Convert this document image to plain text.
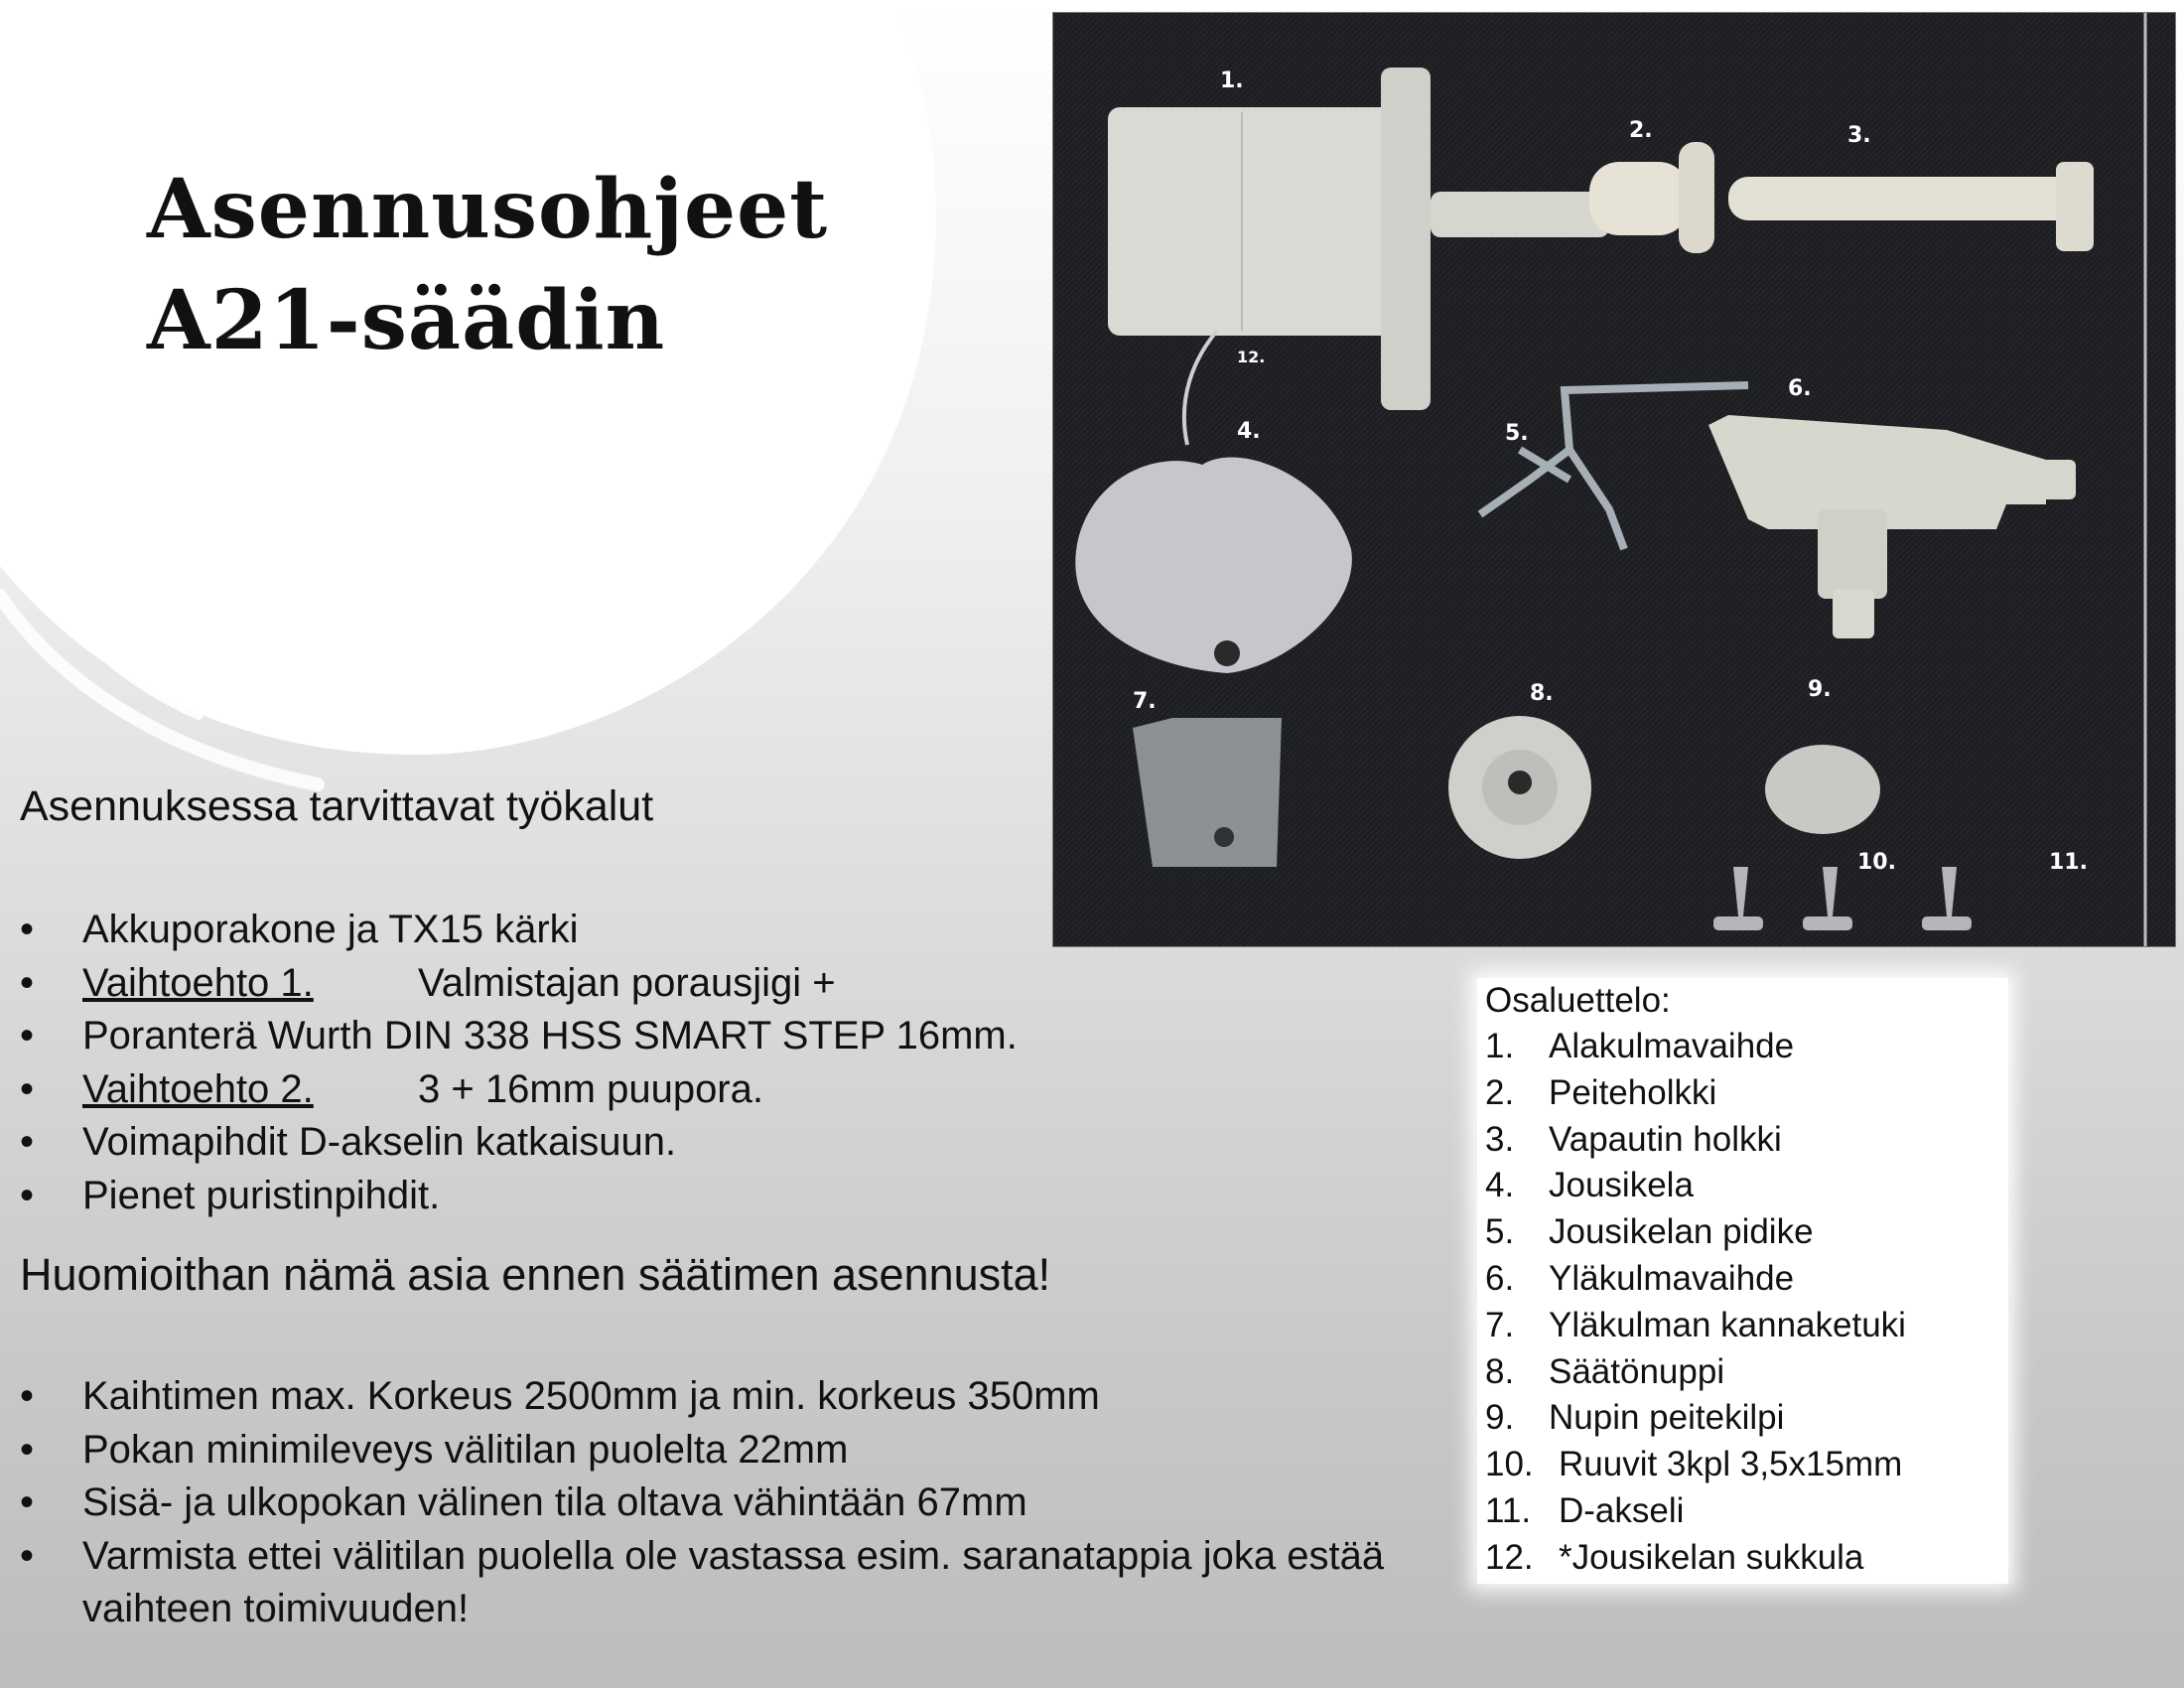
Asennusohjeet
A21-säädin
Asennuksessa tarvittavat työkalut
• Akkuporakone ja TX15 kärki
• Vaihtoehto 1.	Valmistajan porausjigi +
• Poranterä Wurth DIN 338 HSS SMART STEP 16mm.
• Vaihtoehto 2.	3 + 16mm puupora.
• Voimapihdit D-akselin katkaisuun.
• Pienet puristinpihdit.
Huomioithan nämä asia ennen säätimen asennusta!
• Kaihtimen max. Korkeus 2500mm ja min. korkeus 350mm
• Pokan minimileveys välitilan puolelta 22mm
• Sisä- ja ulkopokan välinen tila oltava vähintään 67mm
• Varmista ettei välitilan puolella ole vastassa esim. saranatappia joka estää vaihteen toimivuuden!
1.
2.	3.
4.	5.
6.
7.	8.	9.
10.	11.
12.
Osaluettelo:
1. Alakulmavaihde
2. Peiteholkki
3. Vapautin holkki
4. Jousikela
5. Jousikelan pidike
6. Yläkulmavaihde
7. Yläkulman kannaketuki
8. Säätönuppi
9. Nupin peitekilpi
10. Ruuvit 3kpl 3,5x15mm
11. D-akseli
12. *Jousikelan sukkula
